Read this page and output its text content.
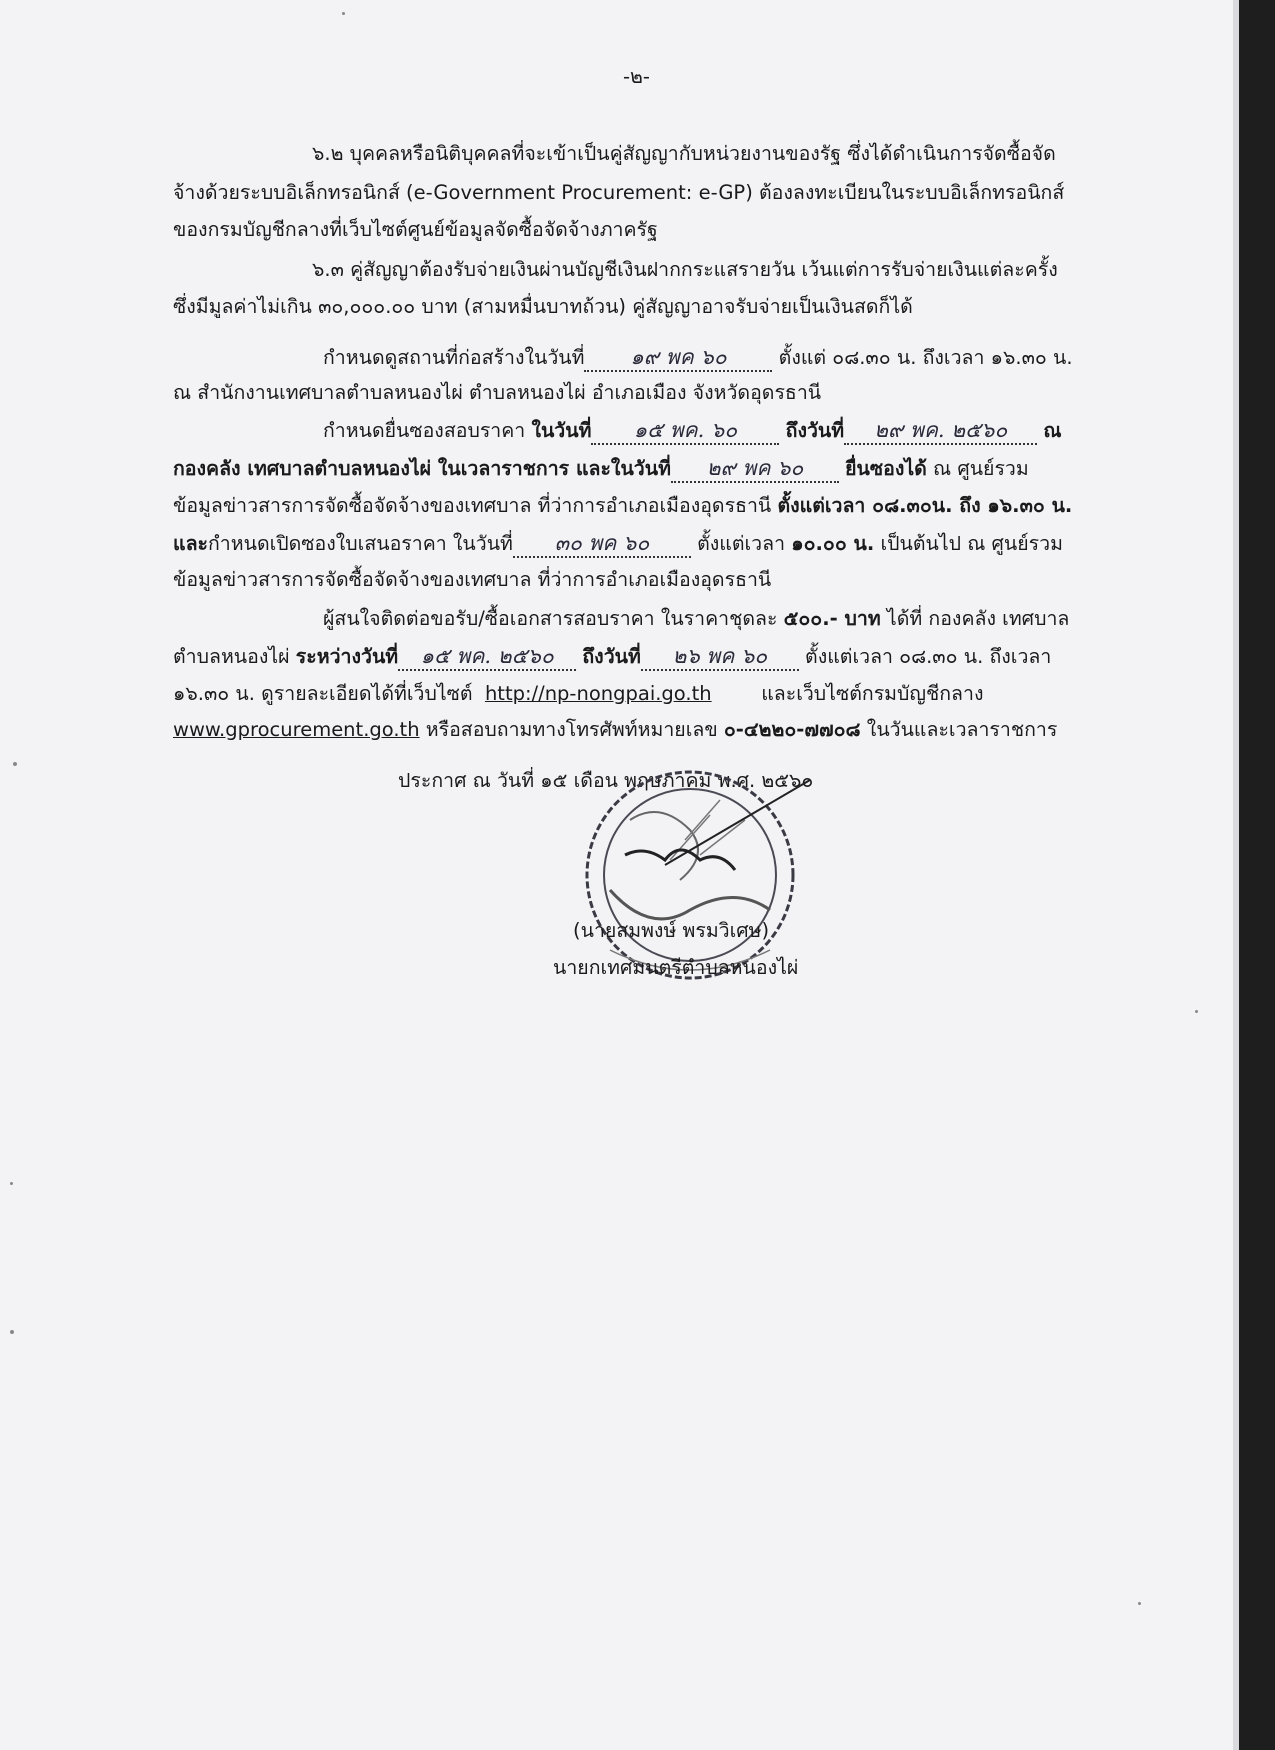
-๒-
๖.๒ บุคคลหรือนิติบุคคลที่จะเข้าเป็นคู่สัญญากับหน่วยงานของรัฐ ซึ่งได้ดำเนินการจัดซื้อจัด
จ้างด้วยระบบอิเล็กทรอนิกส์ (e-Government Procurement: e-GP) ต้องลงทะเบียนในระบบอิเล็กทรอนิกส์
ของกรมบัญชีกลางที่เว็บไซต์ศูนย์ข้อมูลจัดซื้อจัดจ้างภาครัฐ
๖.๓ คู่สัญญาต้องรับจ่ายเงินผ่านบัญชีเงินฝากกระแสรายวัน เว้นแต่การรับจ่ายเงินแต่ละครั้ง
ซึ่งมีมูลค่าไม่เกิน ๓๐,๐๐๐.๐๐ บาท (สามหมื่นบาทถ้วน) คู่สัญญาอาจรับจ่ายเป็นเงินสดก็ได้
กำหนดดูสถานที่ก่อสร้างในวันที่ ๑๙ พค ๖๐	ตั้งแต่ ๐๘.๓๐ น. ถึงเวลา ๑๖.๓๐ น.
ณ สำนักงานเทศบาลตำบลหนองไผ่ ตำบลหนองไผ่ อำเภอเมือง จังหวัดอุดรธานี
กำหนดยื่นซองสอบราคา ในวันที่ ๑๕ พค. ๖๐ ถึงวันที่ ๒๙ พค. ๒๕๖๐ ณ
กองคลัง เทศบาลตำบลหนองไผ่ ในเวลาราชการ และในวันที่ ๒๙ พค ๖๐ ยื่นซองได้ ณ ศูนย์รวม
ข้อมูลข่าวสารการจัดซื้อจัดจ้างของเทศบาล ที่ว่าการอำเภอเมืองอุดรธานี ตั้งแต่เวลา ๐๘.๓๐น. ถึง ๑๖.๓๐ น.
และกำหนดเปิดซองใบเสนอราคา ในวันที่ ๓๐ พค ๖๐ ตั้งแต่เวลา ๑๐.๐๐ น. เป็นต้นไป ณ ศูนย์รวม
ข้อมูลข่าวสารการจัดซื้อจัดจ้างของเทศบาล ที่ว่าการอำเภอเมืองอุดรธานี
ผู้สนใจติดต่อขอรับ/ซื้อเอกสารสอบราคา ในราคาชุดละ ๕๐๐.- บาท ได้ที่ กองคลัง เทศบาล
ตำบลหนองไผ่ ระหว่างวันที่ ๑๕ พค. ๒๕๖๐ ถึงวันที่ ๒๖ พค ๖๐ ตั้งแต่เวลา ๐๘.๓๐ น. ถึงเวลา
๑๖.๓๐ น. ดูรายละเอียดได้ที่เว็บไซต์ http://np-nongpai.go.th	และเว็บไซต์กรมบัญชีกลาง
www.gprocurement.go.th หรือสอบถามทางโทรศัพท์หมายเลข ๐-๔๒๒๐-๗๗๐๘ ในวันและเวลาราชการ
ประกาศ ณ วันที่ ๑๕ เดือน พฤษภาคม พ.ศ. ๒๕๖๐
(นายสมพงษ์ พรมวิเศษ)
นายกเทศมนตรีตำบลหนองไผ่
